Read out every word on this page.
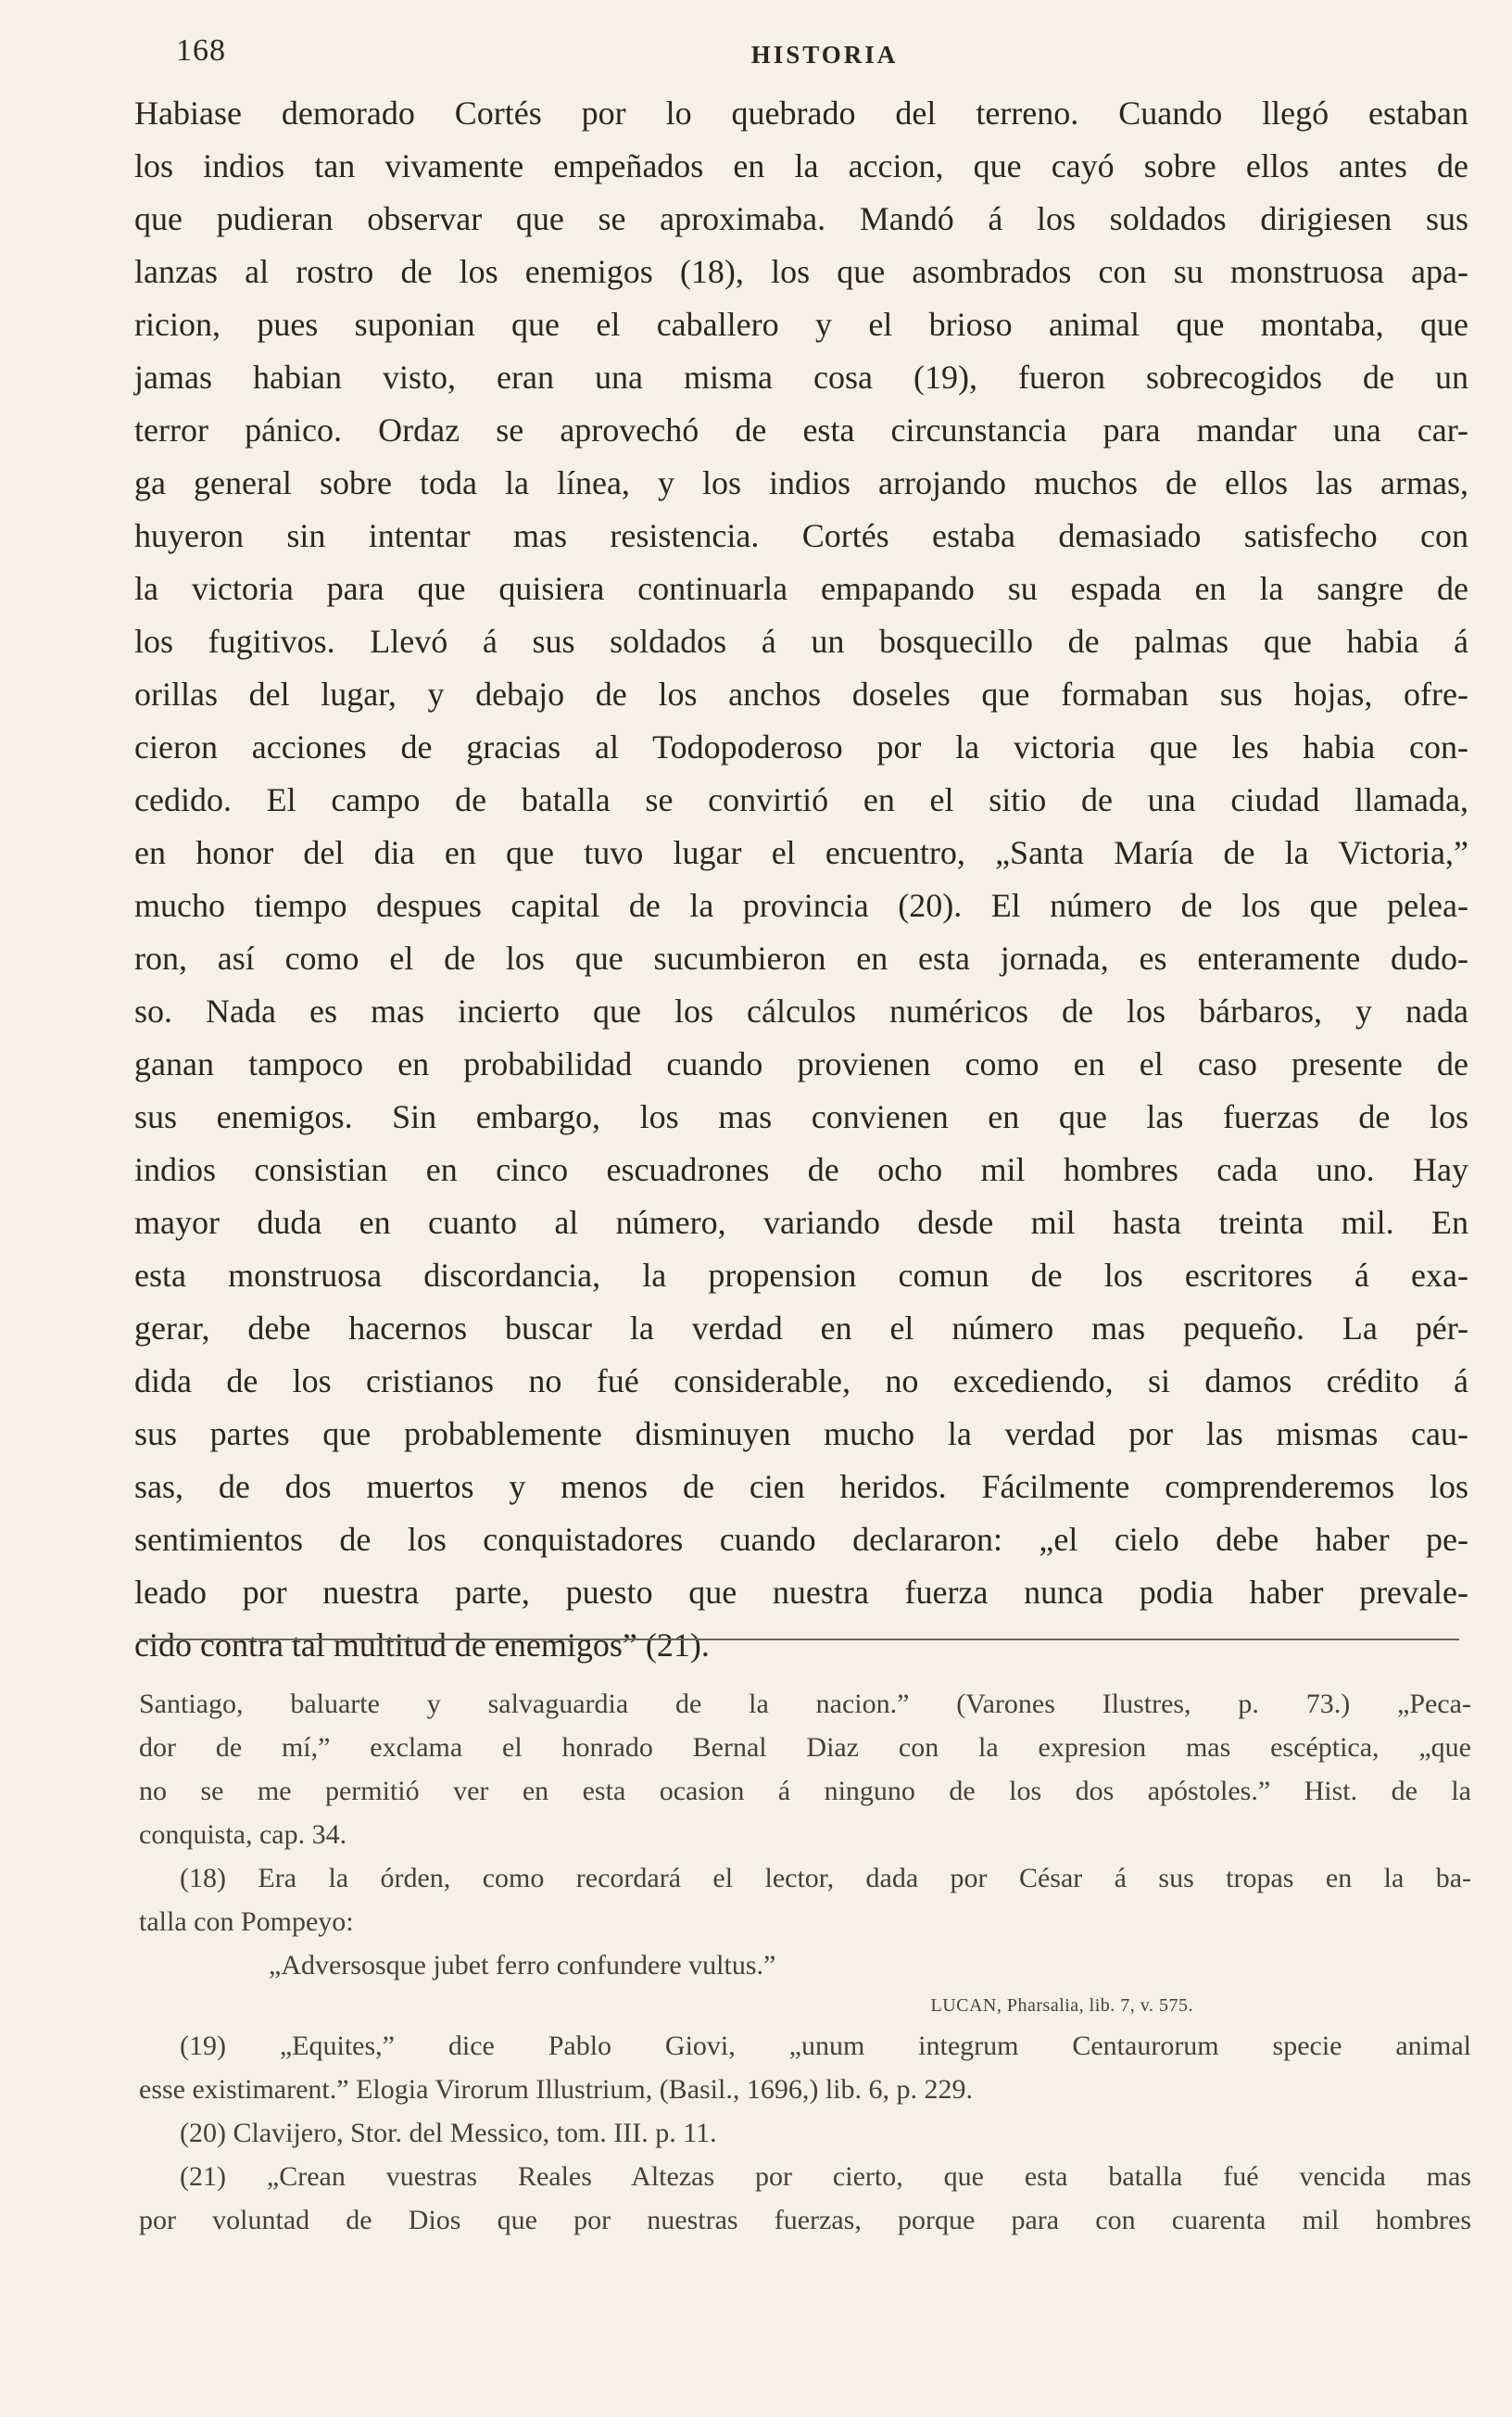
168	HISTORIA
Habiase demorado Cortés por lo quebrado del terreno. Cuando llegó estaban
los indios tan vivamente empeñados en la accion, que cayó sobre ellos antes de
que pudieran observar que se aproximaba. Mandó á los soldados dirigiesen sus
lanzas al rostro de los enemigos (18), los que asombrados con su monstruosa apa-
ricion, pues suponian que el caballero y el brioso animal que montaba, que
jamas habian visto, eran una misma cosa (19), fueron sobrecogidos de un
terror pánico. Ordaz se aprovechó de esta circunstancia para mandar una car-
ga general sobre toda la línea, y los indios arrojando muchos de ellos las armas,
huyeron sin intentar mas resistencia. Cortés estaba demasiado satisfecho con
la victoria para que quisiera continuarla empapando su espada en la sangre de
los fugitivos. Llevó á sus soldados á un bosquecillo de palmas que habia á
orillas del lugar, y debajo de los anchos doseles que formaban sus hojas, ofre-
cieron acciones de gracias al Todopoderoso por la victoria que les habia con-
cedido. El campo de batalla se convirtió en el sitio de una ciudad llamada,
en honor del dia en que tuvo lugar el encuentro, „Santa María de la Victoria,”
mucho tiempo despues capital de la provincia (20). El número de los que pelea-
ron, así como el de los que sucumbieron en esta jornada, es enteramente dudo-
so. Nada es mas incierto que los cálculos numéricos de los bárbaros, y nada
ganan tampoco en probabilidad cuando provienen como en el caso presente de
sus enemigos. Sin embargo, los mas convienen en que las fuerzas de los
indios consistian en cinco escuadrones de ocho mil hombres cada uno. Hay
mayor duda en cuanto al número, variando desde mil hasta treinta mil. En
esta monstruosa discordancia, la propension comun de los escritores á exa-
gerar, debe hacernos buscar la verdad en el número mas pequeño. La pér-
dida de los cristianos no fué considerable, no excediendo, si damos crédito á
sus partes que probablemente disminuyen mucho la verdad por las mismas cau-
sas, de dos muertos y menos de cien heridos. Fácilmente comprenderemos los
sentimientos de los conquistadores cuando declararon: „el cielo debe haber pe-
leado por nuestra parte, puesto que nuestra fuerza nunca podia haber prevale-
cido contra tal multitud de enemigos” (21).
Santiago, baluarte y salvaguardia de la nacion.” (Varones Ilustres, p. 73.) „Peca-
dor de mí,” exclama el honrado Bernal Diaz con la expresion mas escéptica, „que
no se me permitió ver en esta ocasion á ninguno de los dos apóstoles.” Hist. de la
conquista, cap. 34.
(18) Era la órden, como recordará el lector, dada por César á sus tropas en la ba-
talla con Pompeyo:
„Adversosque jubet ferro confundere vultus.”
LUCAN, Pharsalia, lib. 7, v. 575.
(19) „Equites,” dice Pablo Giovi, „unum integrum Centaurorum specie animal
esse existimarent.” Elogia Virorum Illustrium, (Basil., 1696,) lib. 6, p. 229.
(20) Clavijero, Stor. del Messico, tom. III. p. 11.
(21) „Crean vuestras Reales Altezas por cierto, que esta batalla fué vencida mas
por voluntad de Dios que por nuestras fuerzas, porque para con cuarenta mil hombres
